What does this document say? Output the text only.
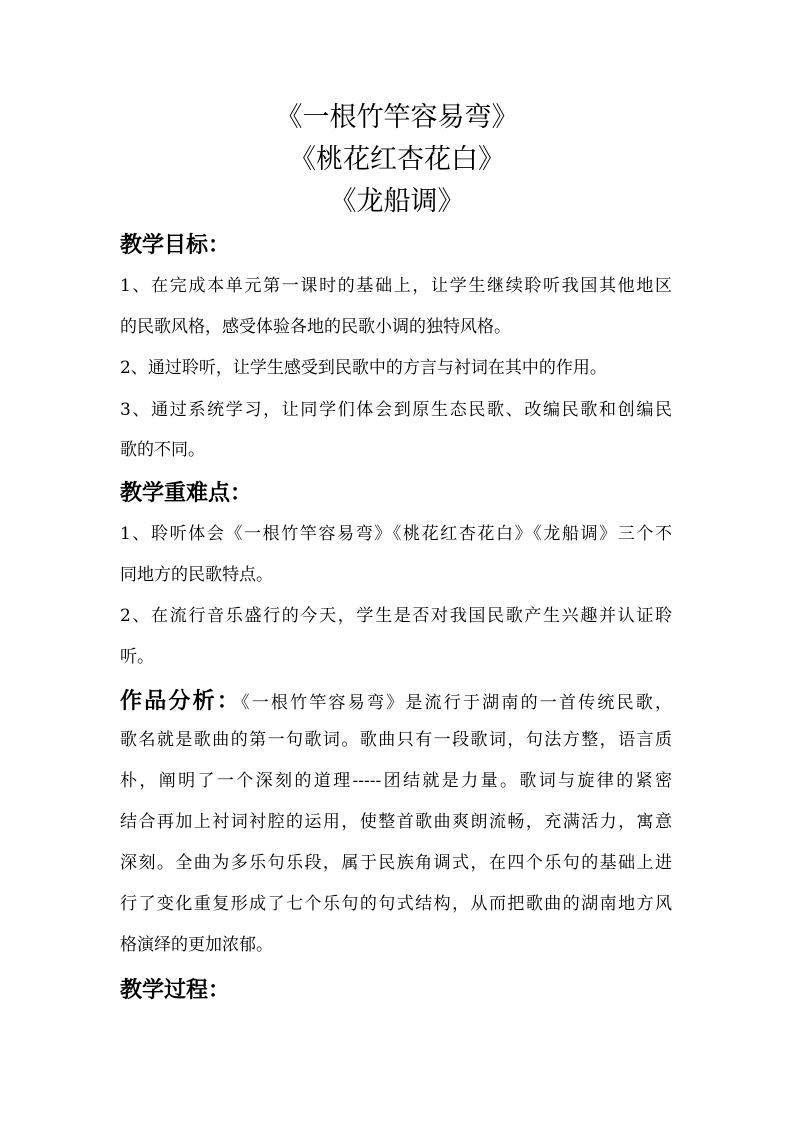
《一根竹竿容易弯》
《桃花红杏花白》
《龙船调》
教学目标：
1、在完成本单元第一课时的基础上，让学生继续聆听我国其他地区
的民歌风格，感受体验各地的民歌小调的独特风格。
2、通过聆听，让学生感受到民歌中的方言与衬词在其中的作用。
3、通过系统学习，让同学们体会到原生态民歌、改编民歌和创编民
歌的不同。
教学重难点：
1、聆听体会《一根竹竿容易弯》《桃花红杏花白》《龙船调》三个不
同地方的民歌特点。
2、在流行音乐盛行的今天，学生是否对我国民歌产生兴趣并认证聆
听。
作品分析：《一根竹竿容易弯》是流行于湖南的一首传统民歌，
歌名就是歌曲的第一句歌词。歌曲只有一段歌词，句法方整，语言质
朴，阐明了一个深刻的道理-----团结就是力量。歌词与旋律的紧密
结合再加上衬词衬腔的运用，使整首歌曲爽朗流畅，充满活力，寓意
深刻。全曲为多乐句乐段，属于民族角调式，在四个乐句的基础上进
行了变化重复形成了七个乐句的句式结构，从而把歌曲的湖南地方风
格演绎的更加浓郁。
教学过程：
